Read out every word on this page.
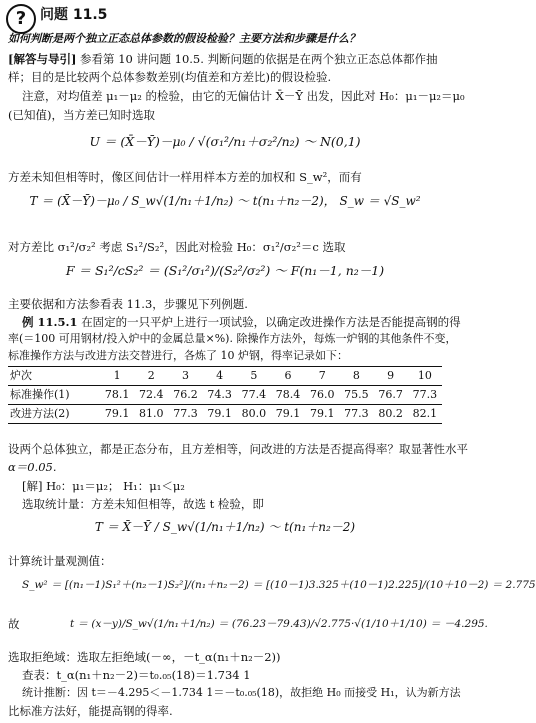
? 问题 11.5
如何判断是两个独立正态总体参数的假设检验？主要方法和步骤是什么？
[解答与导引] 参看第 10 讲问题 10.5. 判断问题的依据是在两个独立正态总体都作抽
样；目的是比较两个总体参数差别(均值差和方差比)的假设检验.
注意，对均值差 μ₁－μ₂ 的检验，由它的无偏估计 X̄－Ȳ 出发，因此对 H₀：μ₁－μ₂＝μ₀
(已知值)，当方差已知时选取
U ＝ (X̄－Ȳ)－μ₀ / √(σ₁²/n₁＋σ₂²/n₂) ～ N(0,1)
方差未知但相等时，像区间估计一样用样本方差的加权和 S_w²，而有
T ＝ (X̄－Ȳ)－μ₀ / S_w√(1/n₁＋1/n₂) ～ t(n₁＋n₂－2)， S_w ＝ √S_w²
对方差比 σ₁²/σ₂² 考虑 S₁²/S₂²，因此对检验 H₀：σ₁²/σ₂²＝c 选取
F ＝ S₁²/cS₂² ＝ (S₁²/σ₁²)/(S₂²/σ₂²) ～ F(n₁－1, n₂－1)
主要依据和方法参看表 11.3，步骤见下列例题.
例 11.5.1 在固定的一只平炉上进行一项试验，以确定改进操作方法是否能提高钢的得
率(＝100 可用钢材/投入炉中的金属总量×%). 除操作方法外，每炼一炉钢的其他条件不变，
炉次	1	2	3	4	5	6	7	8	9	10
标准操作(1)	78.1	72.4	76.2	74.3	77.4	78.4	76.0	75.5	76.7	77.3
改进方法(2)	79.1	81.0	77.3	79.1	80.0	79.1	79.1	77.3	80.2	82.1
标准操作方法与改进方法交替进行，各炼了 10 炉钢，得率记录如下：
设两个总体独立，都是正态分布，且方差相等，问改进的方法是否提高得率？取显著性水平
α＝0.05.
[解] H₀：μ₁＝μ₂； H₁：μ₁＜μ₂
选取统计量：方差未知但相等，故选 t 检验，即
T ＝ X̄－Ȳ / S_w√(1/n₁＋1/n₂) ～ t(n₁＋n₂－2)
计算统计量观测值：
S_w² ＝ [(n₁－1)S₁²＋(n₂－1)S₂²]/(n₁＋n₂－2) ＝ [(10－1)3.325＋(10－1)2.225]/(10＋10－2) ＝ 2.775
故	t ＝ (x－y)/S_w√(1/n₁＋1/n₂) ＝ (76.23－79.43)/√2.775·√(1/10＋1/10) ＝ －4.295.
选取拒绝域：选取左拒绝域(－∞，－t_α(n₁＋n₂－2))
查表：t_α(n₁＋n₂－2)＝t₀.₀₅(18)＝1.734 1
统计推断：因 t＝－4.295＜－1.734 1＝－t₀.₀₅(18)，故拒绝 H₀ 而接受 H₁，认为新方法
比标准方法好，能提高钢的得率.
